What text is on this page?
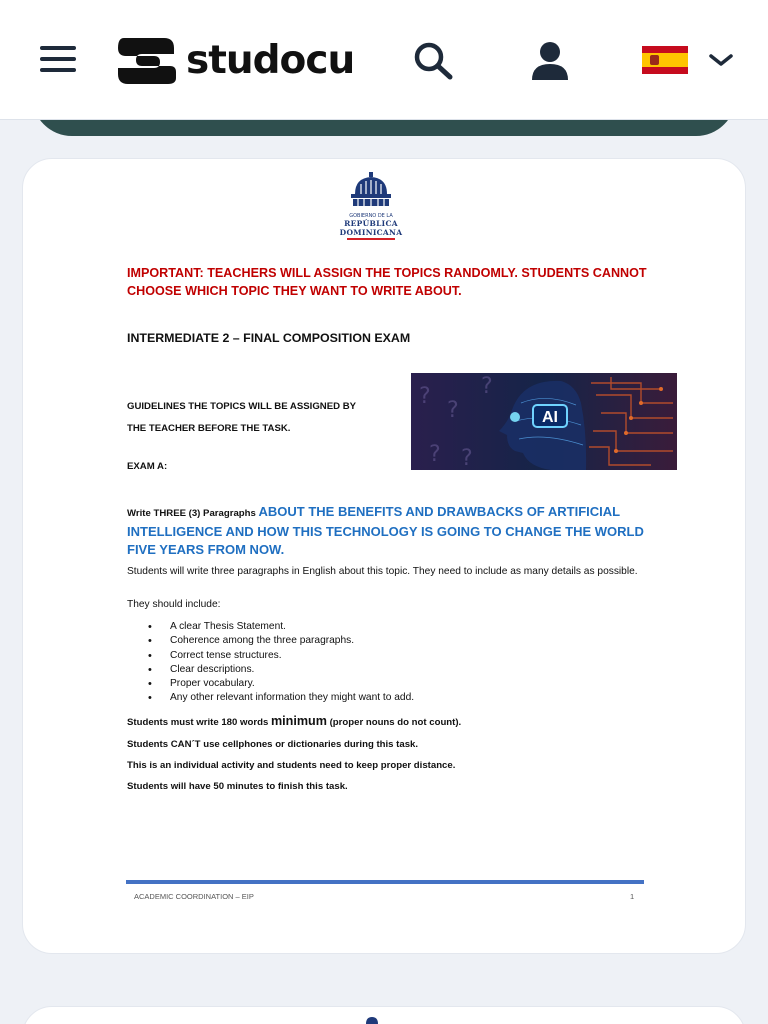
studocu
GOBIERNO DE LA
REPÚBLICA DOMINICANA
IMPORTANT: TEACHERS WILL ASSIGN THE TOPICS RANDOMLY. STUDENTS CANNOT CHOOSE WHICH TOPIC THEY WANT TO WRITE ABOUT.
INTERMEDIATE 2 – FINAL COMPOSITION EXAM
GUIDELINES THE TOPICS WILL BE ASSIGNED BY
THE TEACHER BEFORE THE TASK.
EXAM A:
?
?
? ?
?
AI
Write THREE (3) Paragraphs ABOUT THE BENEFITS AND DRAWBACKS OF ARTIFICIAL INTELLIGENCE AND HOW THIS TECHNOLOGY IS GOING TO CHANGE THE WORLD FIVE YEARS FROM NOW.
Students will write three paragraphs in English about this topic. They need to include as many details as possible.
They should include:
• A clear Thesis Statement.
• Coherence among the three paragraphs.
• Correct tense structures.
• Clear descriptions.
• Proper vocabulary.
• Any other relevant information they might want to add.
Students must write 180 words minimum (proper nouns do not count).
Students CAN´T use cellphones or dictionaries during this task.
This is an individual activity and students need to keep proper distance.
Students will have 50 minutes to finish this task.
ACADEMIC COORDINATION – EIP	1
